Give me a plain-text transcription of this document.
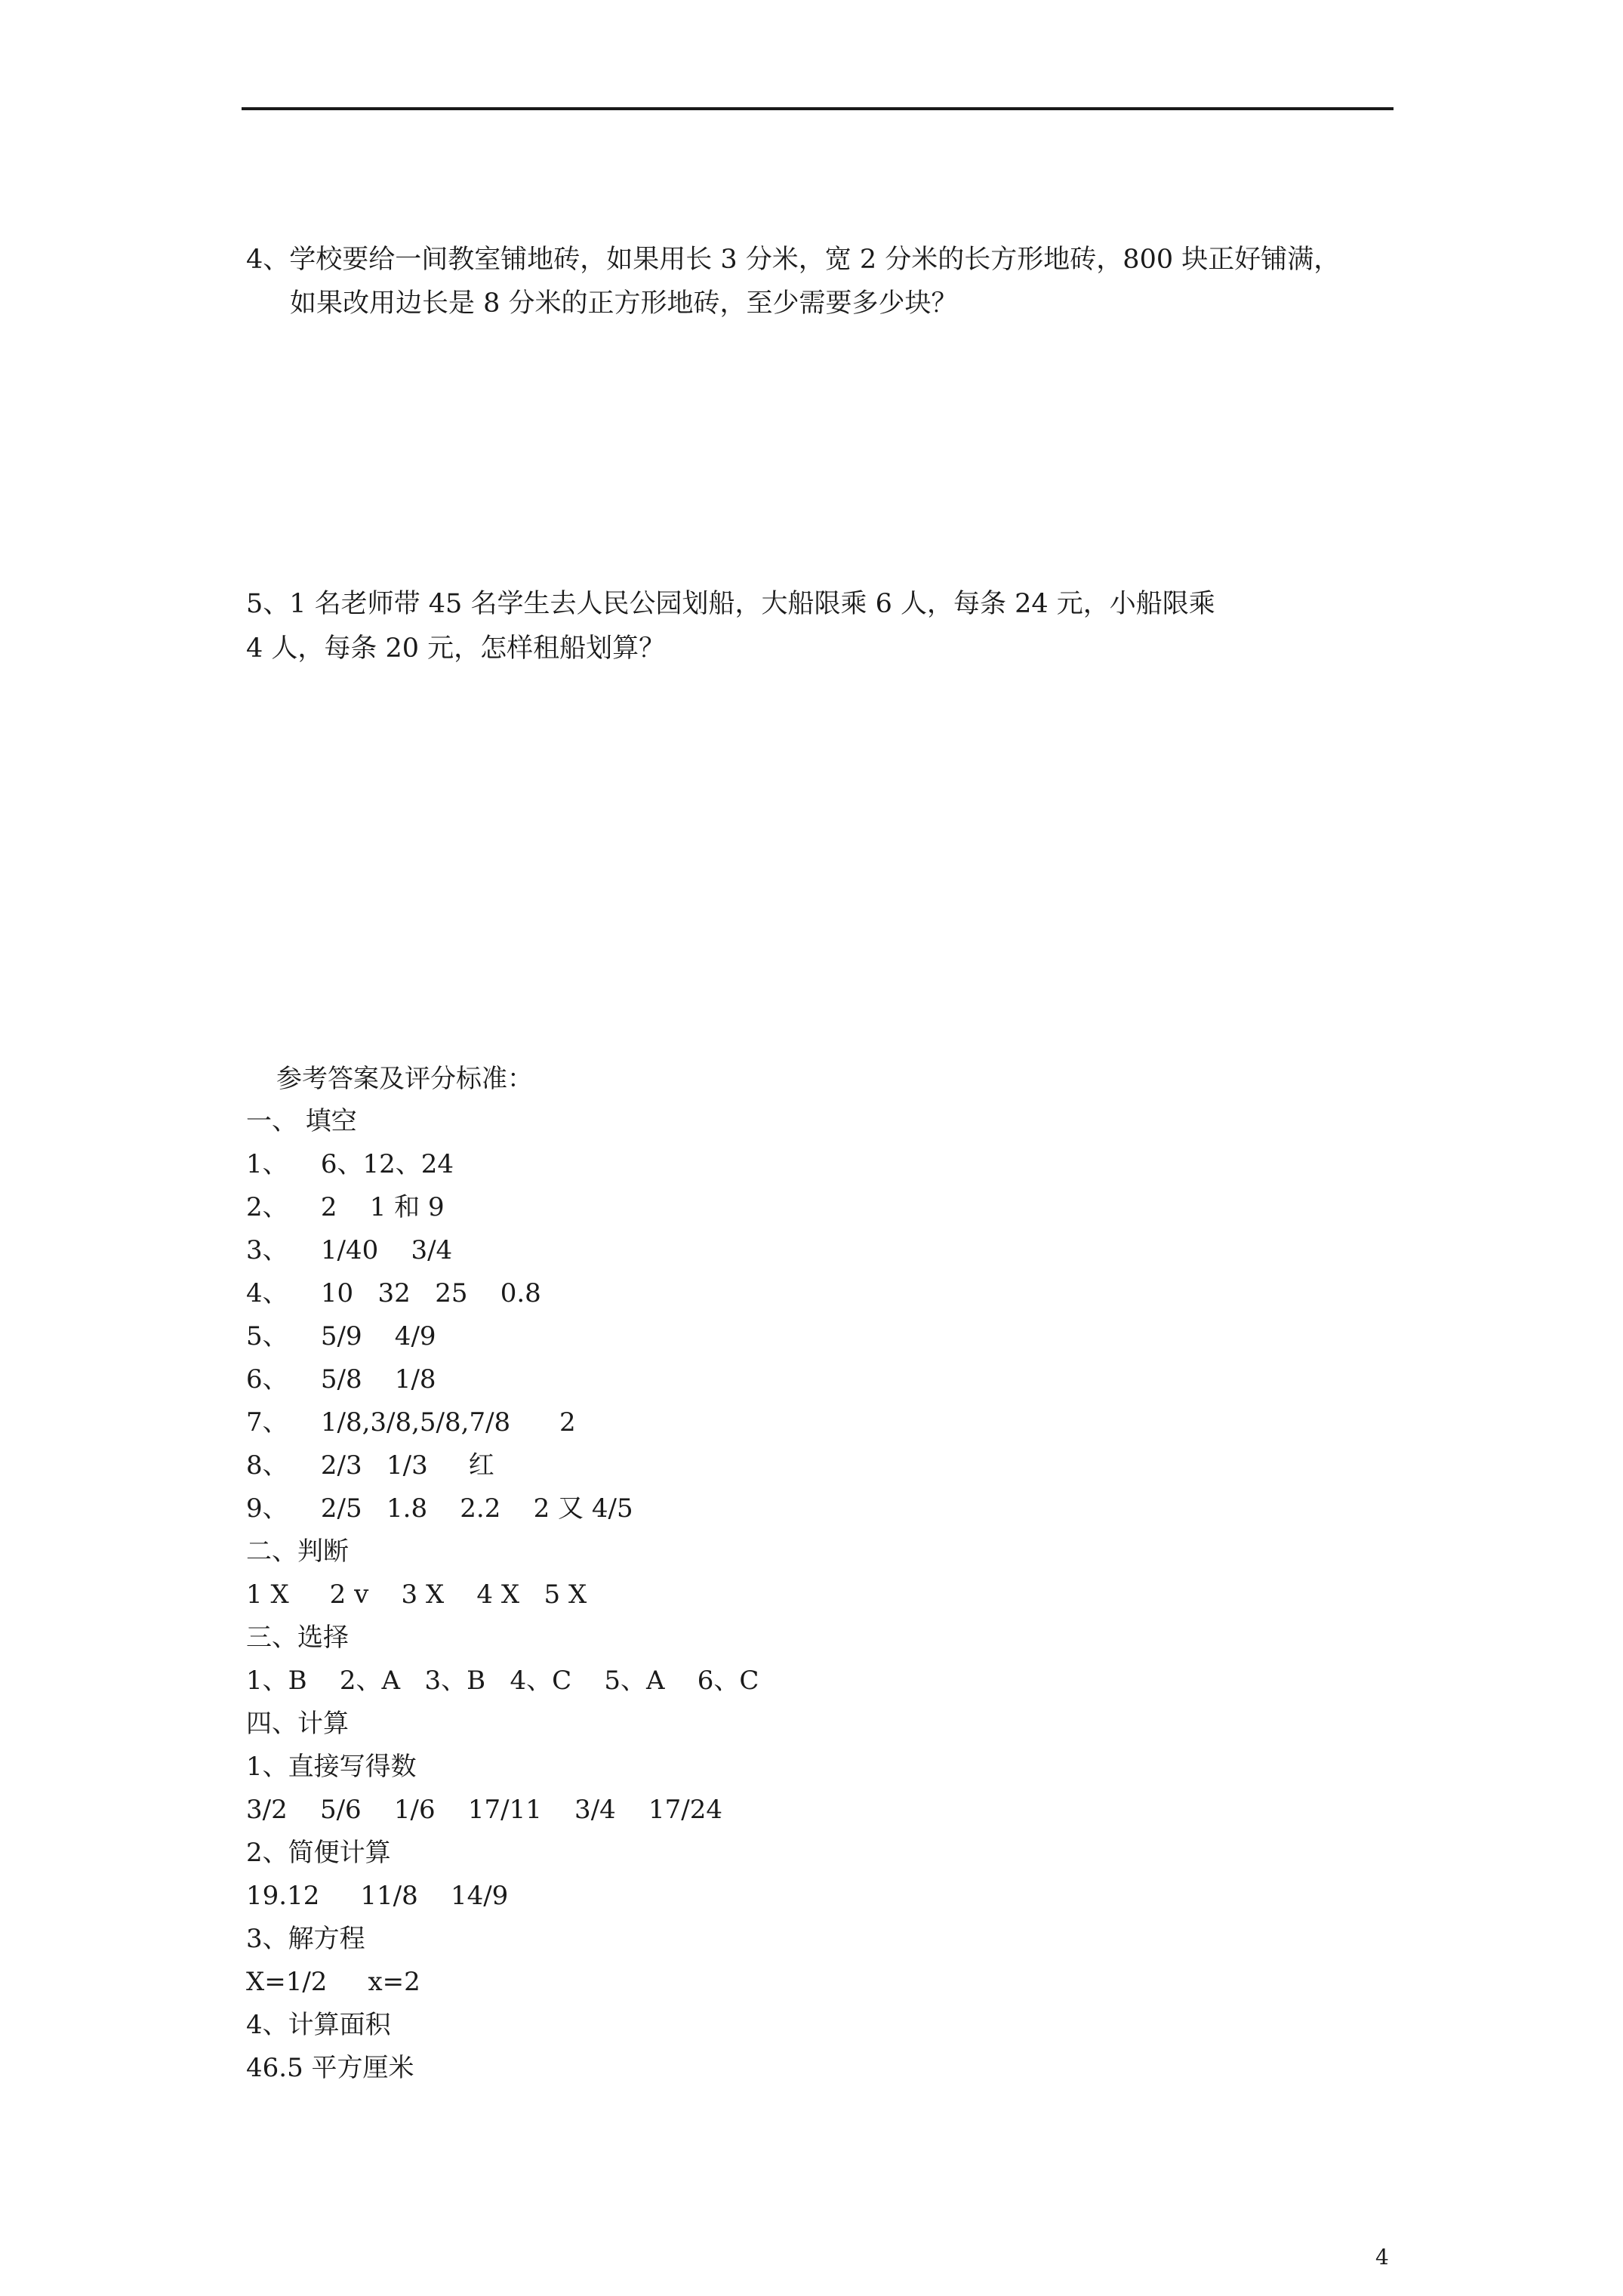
4、学校要给一间教室铺地砖，如果用长 3 分米，宽 2 分米的长方形地砖，800 块正好铺满，
如果改用边长是 8 分米的正方形地砖，至少需要多少块？
5、1 名老师带 45 名学生去人民公园划船，大船限乘 6 人，每条 24 元，小船限乘
4 人，每条 20 元，怎样租船划算？
参考答案及评分标准：
一、 填空
1、    6、12、24
2、    2    1 和 9
3、    1/40    3/4
4、    10   32   25    0.8
5、    5/9    4/9
6、    5/8    1/8
7、    1/8,3/8,5/8,7/8      2
8、    2/3   1/3     红
9、    2/5   1.8    2.2    2 又 4/5
二、判断
1 X     2 v    3 X    4 X   5 X
三、选择
1、B    2、A   3、B   4、C    5、A    6、C
四、计算
1、直接写得数
3/2    5/6    1/6    17/11    3/4    17/24
2、简便计算
19.12     11/8    14/9
3、解方程
X=1/2     x=2
4、计算面积
46.5 平方厘米
4
